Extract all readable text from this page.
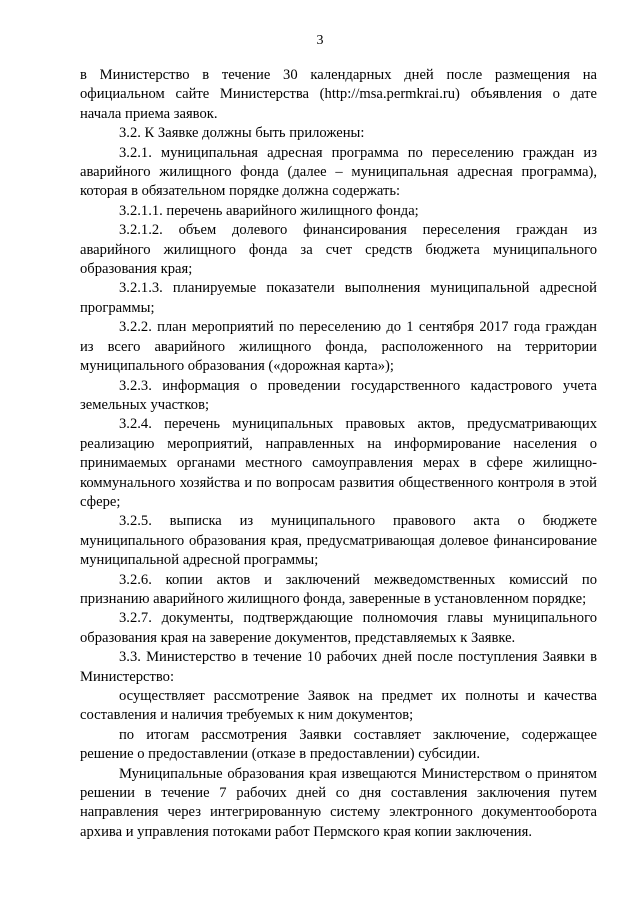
3

в Министерство в течение 30 календарных дней после размещения на официальном сайте Министерства (http://msa.permkrai.ru) объявления о дате начала приема заявок.

3.2. К Заявке должны быть приложены:

3.2.1. муниципальная адресная программа по переселению граждан из аварийного жилищного фонда (далее – муниципальная адресная программа), которая в обязательном порядке должна содержать:

3.2.1.1. перечень аварийного жилищного фонда;

3.2.1.2. объем долевого финансирования переселения граждан из аварийного жилищного фонда за счет средств бюджета муниципального образования края;

3.2.1.3. планируемые показатели выполнения муниципальной адресной программы;

3.2.2. план мероприятий по переселению до 1 сентября 2017 года граждан из всего аварийного жилищного фонда, расположенного на территории муниципального образования («дорожная карта»);

3.2.3. информация о проведении государственного кадастрового учета земельных участков;

3.2.4. перечень муниципальных правовых актов, предусматривающих реализацию мероприятий, направленных на информирование населения о принимаемых органами местного самоуправления мерах в сфере жилищно-коммунального хозяйства и по вопросам развития общественного контроля в этой сфере;

3.2.5. выписка из муниципального правового акта о бюджете муниципального образования края, предусматривающая долевое финансирование муниципальной адресной программы;

3.2.6. копии актов и заключений межведомственных комиссий по признанию аварийного жилищного фонда, заверенные в установленном порядке;

3.2.7. документы, подтверждающие полномочия главы муниципального образования края на заверение документов, представляемых к Заявке.

3.3. Министерство в течение 10 рабочих дней после поступления Заявки в Министерство:

осуществляет рассмотрение Заявок на предмет их полноты и качества составления и наличия требуемых к ним документов;

по итогам рассмотрения Заявки составляет заключение, содержащее решение о предоставлении (отказе в предоставлении) субсидии.

Муниципальные образования края извещаются Министерством о принятом решении в течение 7 рабочих дней со дня составления заключения путем направления через интегрированную систему электронного документооборота архива и управления потоками работ Пермского края копии заключения.
